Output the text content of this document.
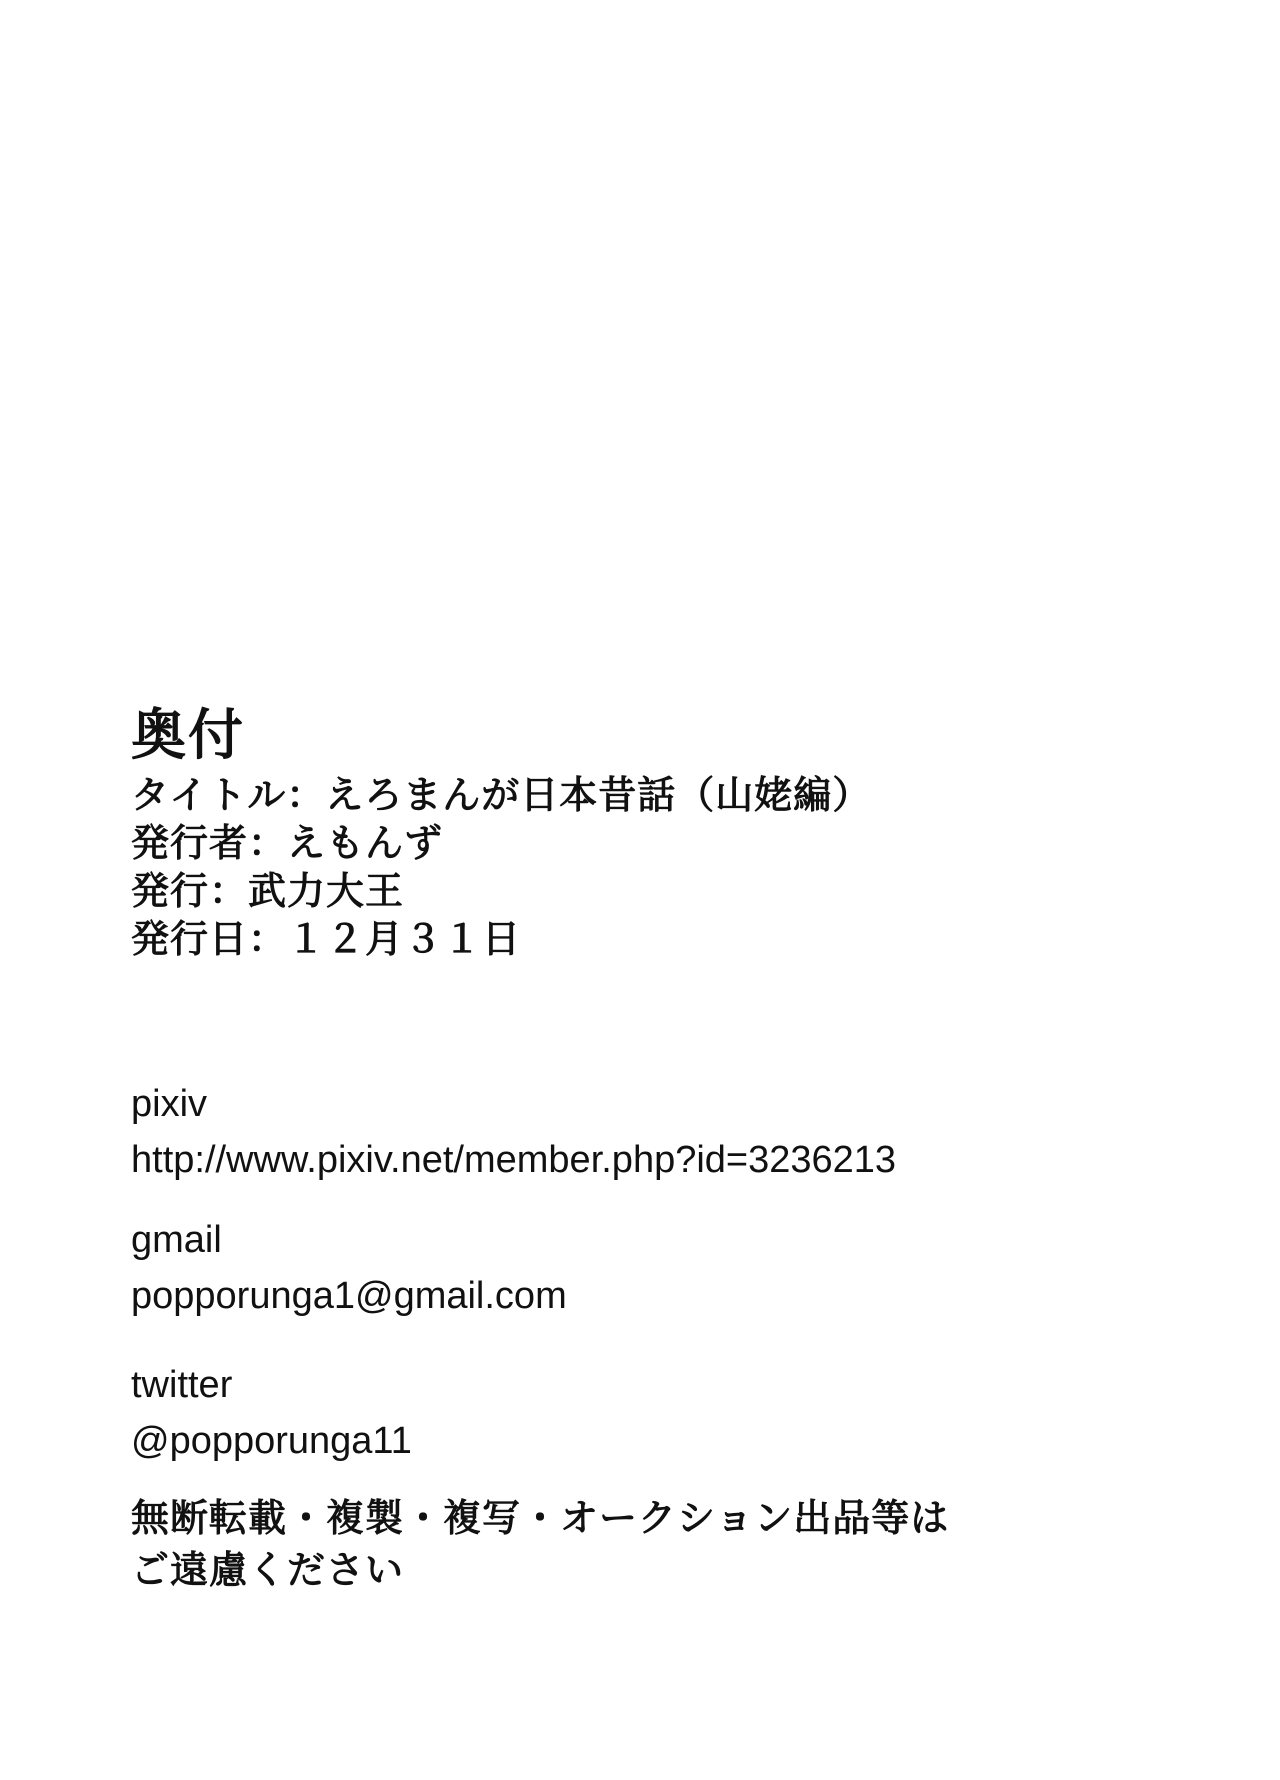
奥付
タイトル：えろまんが日本昔話（山姥編）
発行者：えもんず
発行：武力大王
発行日：１２月３１日
pixiv
http://www.pixiv.net/member.php?id=3236213
gmail
popporunga1@gmail.com
twitter
@popporunga11
無断転載・複製・複写・オークション出品等は
ご遠慮ください
